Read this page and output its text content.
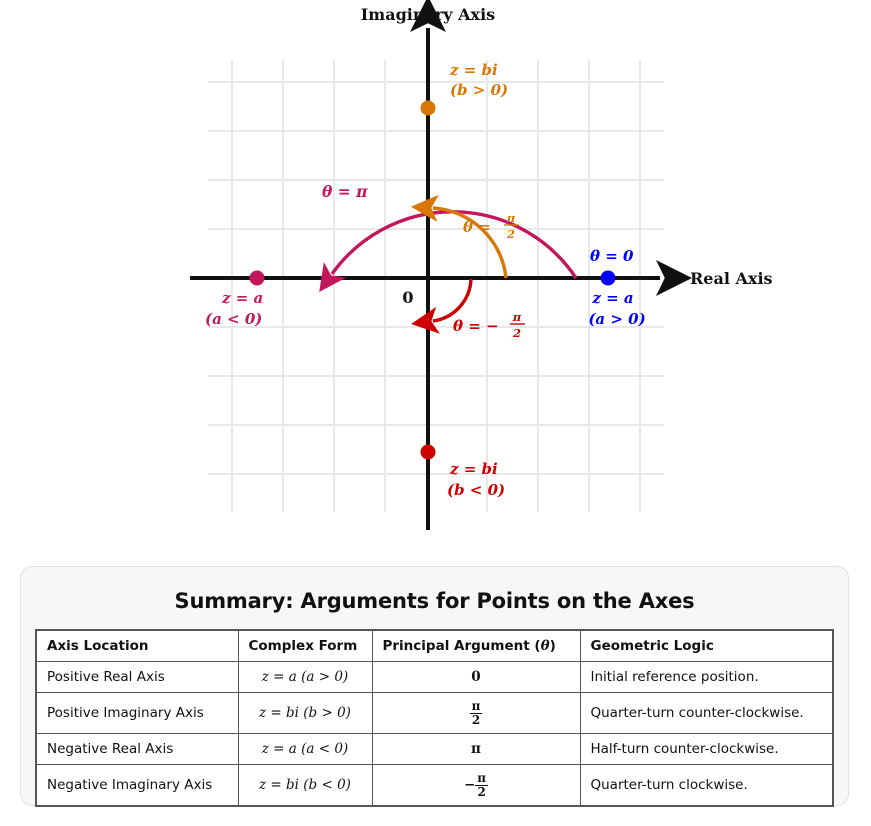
Imaginary Axis
Real Axis
0
θ = π
θ = π
2
θ = − π
2
z = bi
(b > 0)
z = a
(a < 0)
θ = 0
z = a
(a > 0)
z = bi
(b < 0)
Summary: Arguments for Points on the Axes
Axis Location	Complex Form	Principal Argument (θ)	Geometric Logic
Positive Real Axis	z = a (a > 0)	0	Initial reference position.
Positive Imaginary Axis	z = bi (b > 0)	$\frac{\pi}{2}$	Quarter-turn counter-clockwise.
Negative Real Axis	z = a (a < 0)	π	Half-turn counter-clockwise.
Negative Imaginary Axis	z = bi (b < 0)	− $\frac{\pi}{2}$	Quarter-turn clockwise.
